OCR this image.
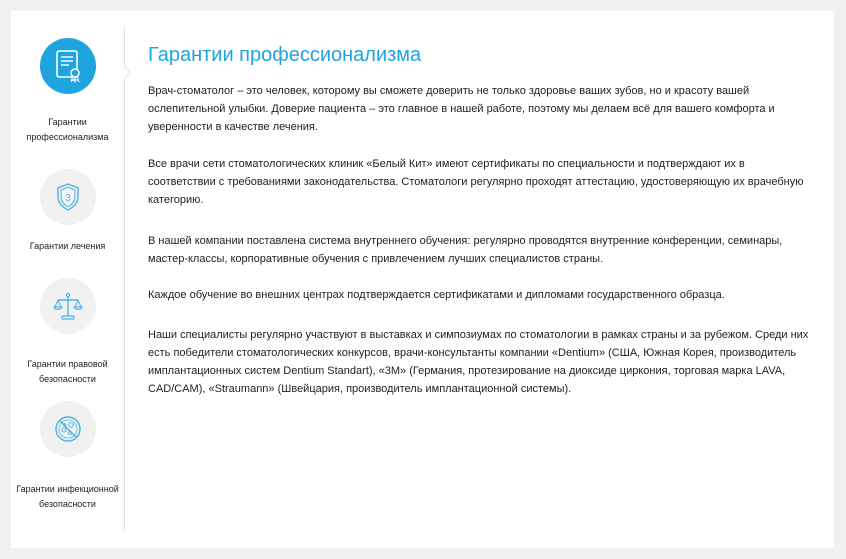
Гарантии профессионализма
3
Гарантии лечения
Гарантии правовой безопасности
Гарантии инфекционной безопасности
Гарантии профессионализма

Врач-стоматолог – это человек, которому вы сможете доверить не только здоровье ваших зубов, но и красоту вашей ослепительной улыбки. Доверие пациента – это главное в нашей работе, поэтому мы делаем всё для вашего комфорта и уверенности в качестве лечения.

Все врачи сети стоматологических клиник «Белый Кит» имеют сертификаты по специальности и подтверждают их в соответствии с требованиями законодательства. Стоматологи регулярно проходят аттестацию, удостоверяющую их врачебную категорию.

В нашей компании поставлена система внутреннего обучения: регулярно проводятся внутренние конференции, семинары, мастер-классы, корпоративные обучения с привлечением лучших специалистов страны.

Каждое обучение во внешних центрах подтверждается сертификатами и дипломами государственного образца.

Наши специалисты регулярно участвуют в выставках и симпозиумах по стоматологии в рамках страны и за рубежом. Среди них есть победители стоматологических конкурсов, врачи-консультанты компании «Dentium» (США, Южная Корея, производитель имплантационных систем Dentium Standart), «3M» (Германия, протезирование на диоксиде циркония, торговая марка LAVA, CAD/CAM), «Straumann» (Швейцария, производитель имплантационной системы).
